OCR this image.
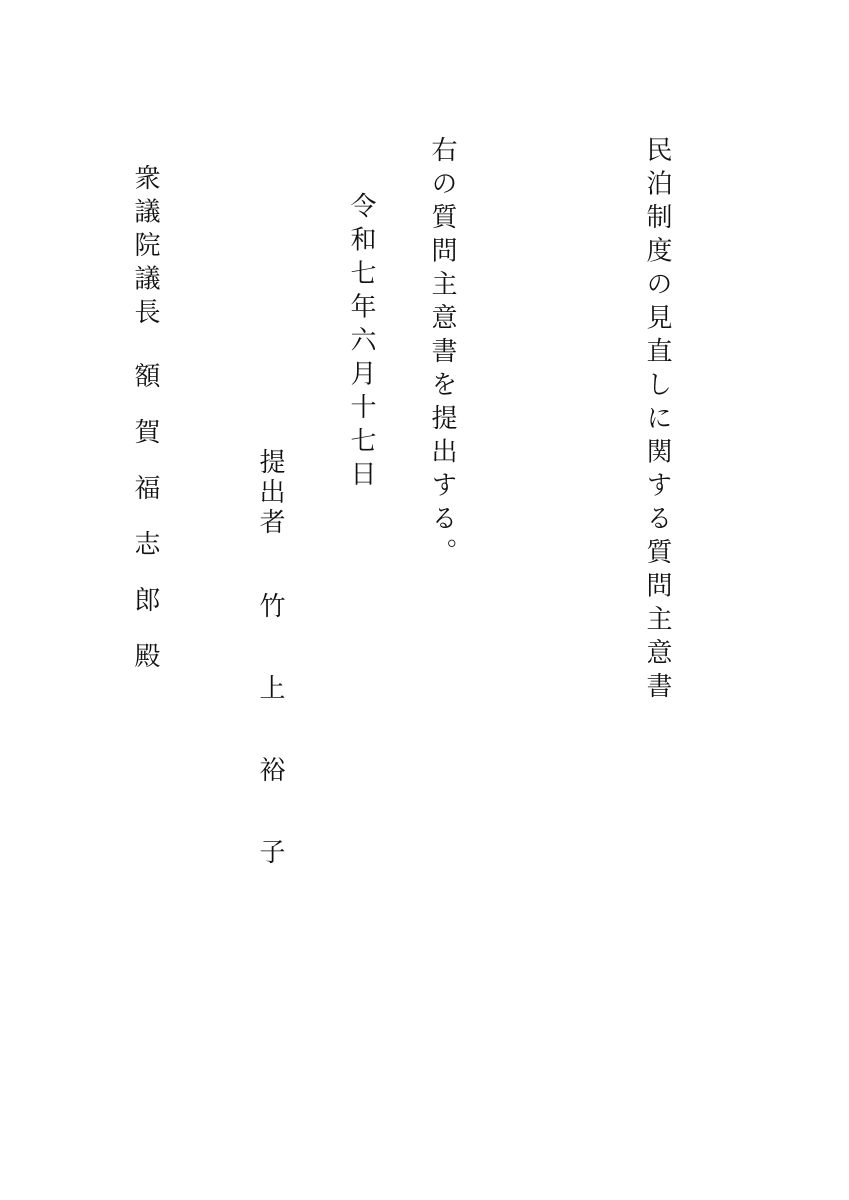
民泊制度の見直しに関する質問主意書
右の質問主意書を提出する。
令和七年六月十七日
提出者竹上裕子
衆議院議長額賀福志郎殿
